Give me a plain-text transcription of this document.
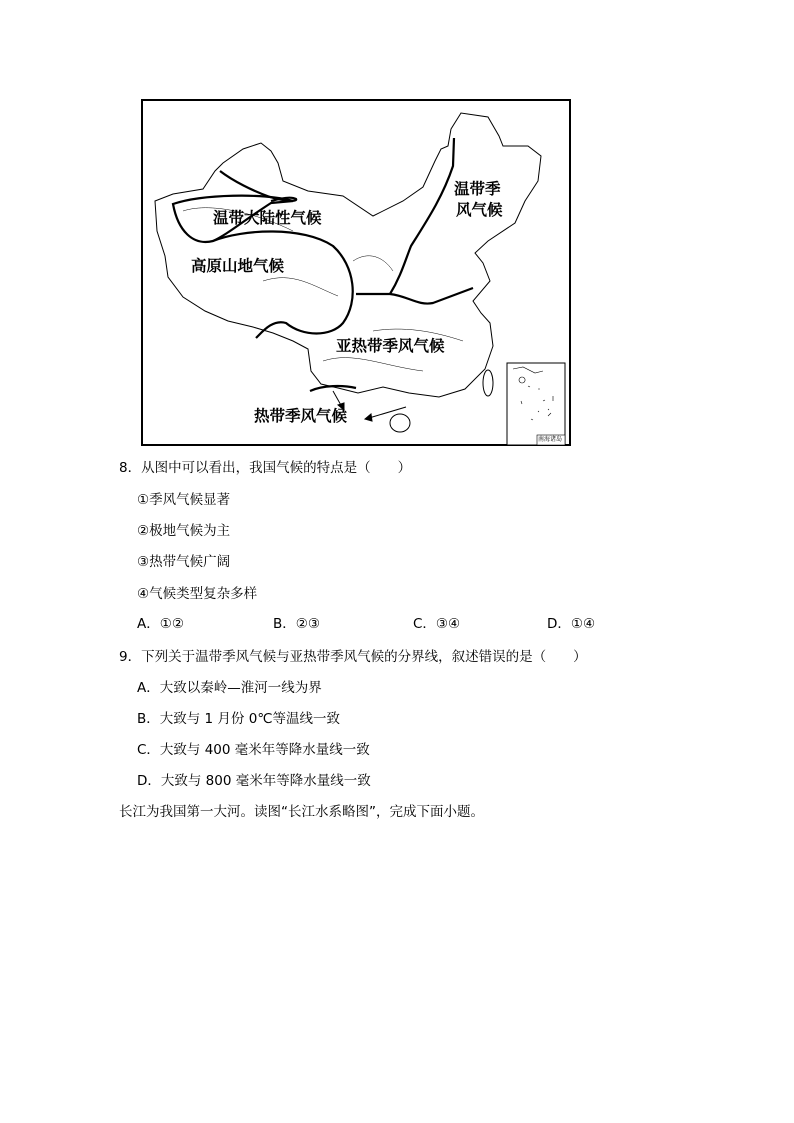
温带大陆性气候
温带季
风气候
高原山地气候
亚热带季风气候
热带季风气候
南海诸岛
8．从图中可以看出，我国气候的特点是（　　）
①季风气候显著
②极地气候为主
③热带气候广阔
④气候类型复杂多样
A．①②	B．②③	C．③④	D．①④
9．下列关于温带季风气候与亚热带季风气候的分界线，叙述错误的是（　　）
A．大致以秦岭—淮河一线为界
B．大致与 1 月份 0℃等温线一致
C．大致与 400 毫米年等降水量线一致
D．大致与 800 毫米年等降水量线一致
长江为我国第一大河。读图“长江水系略图”，完成下面小题。
